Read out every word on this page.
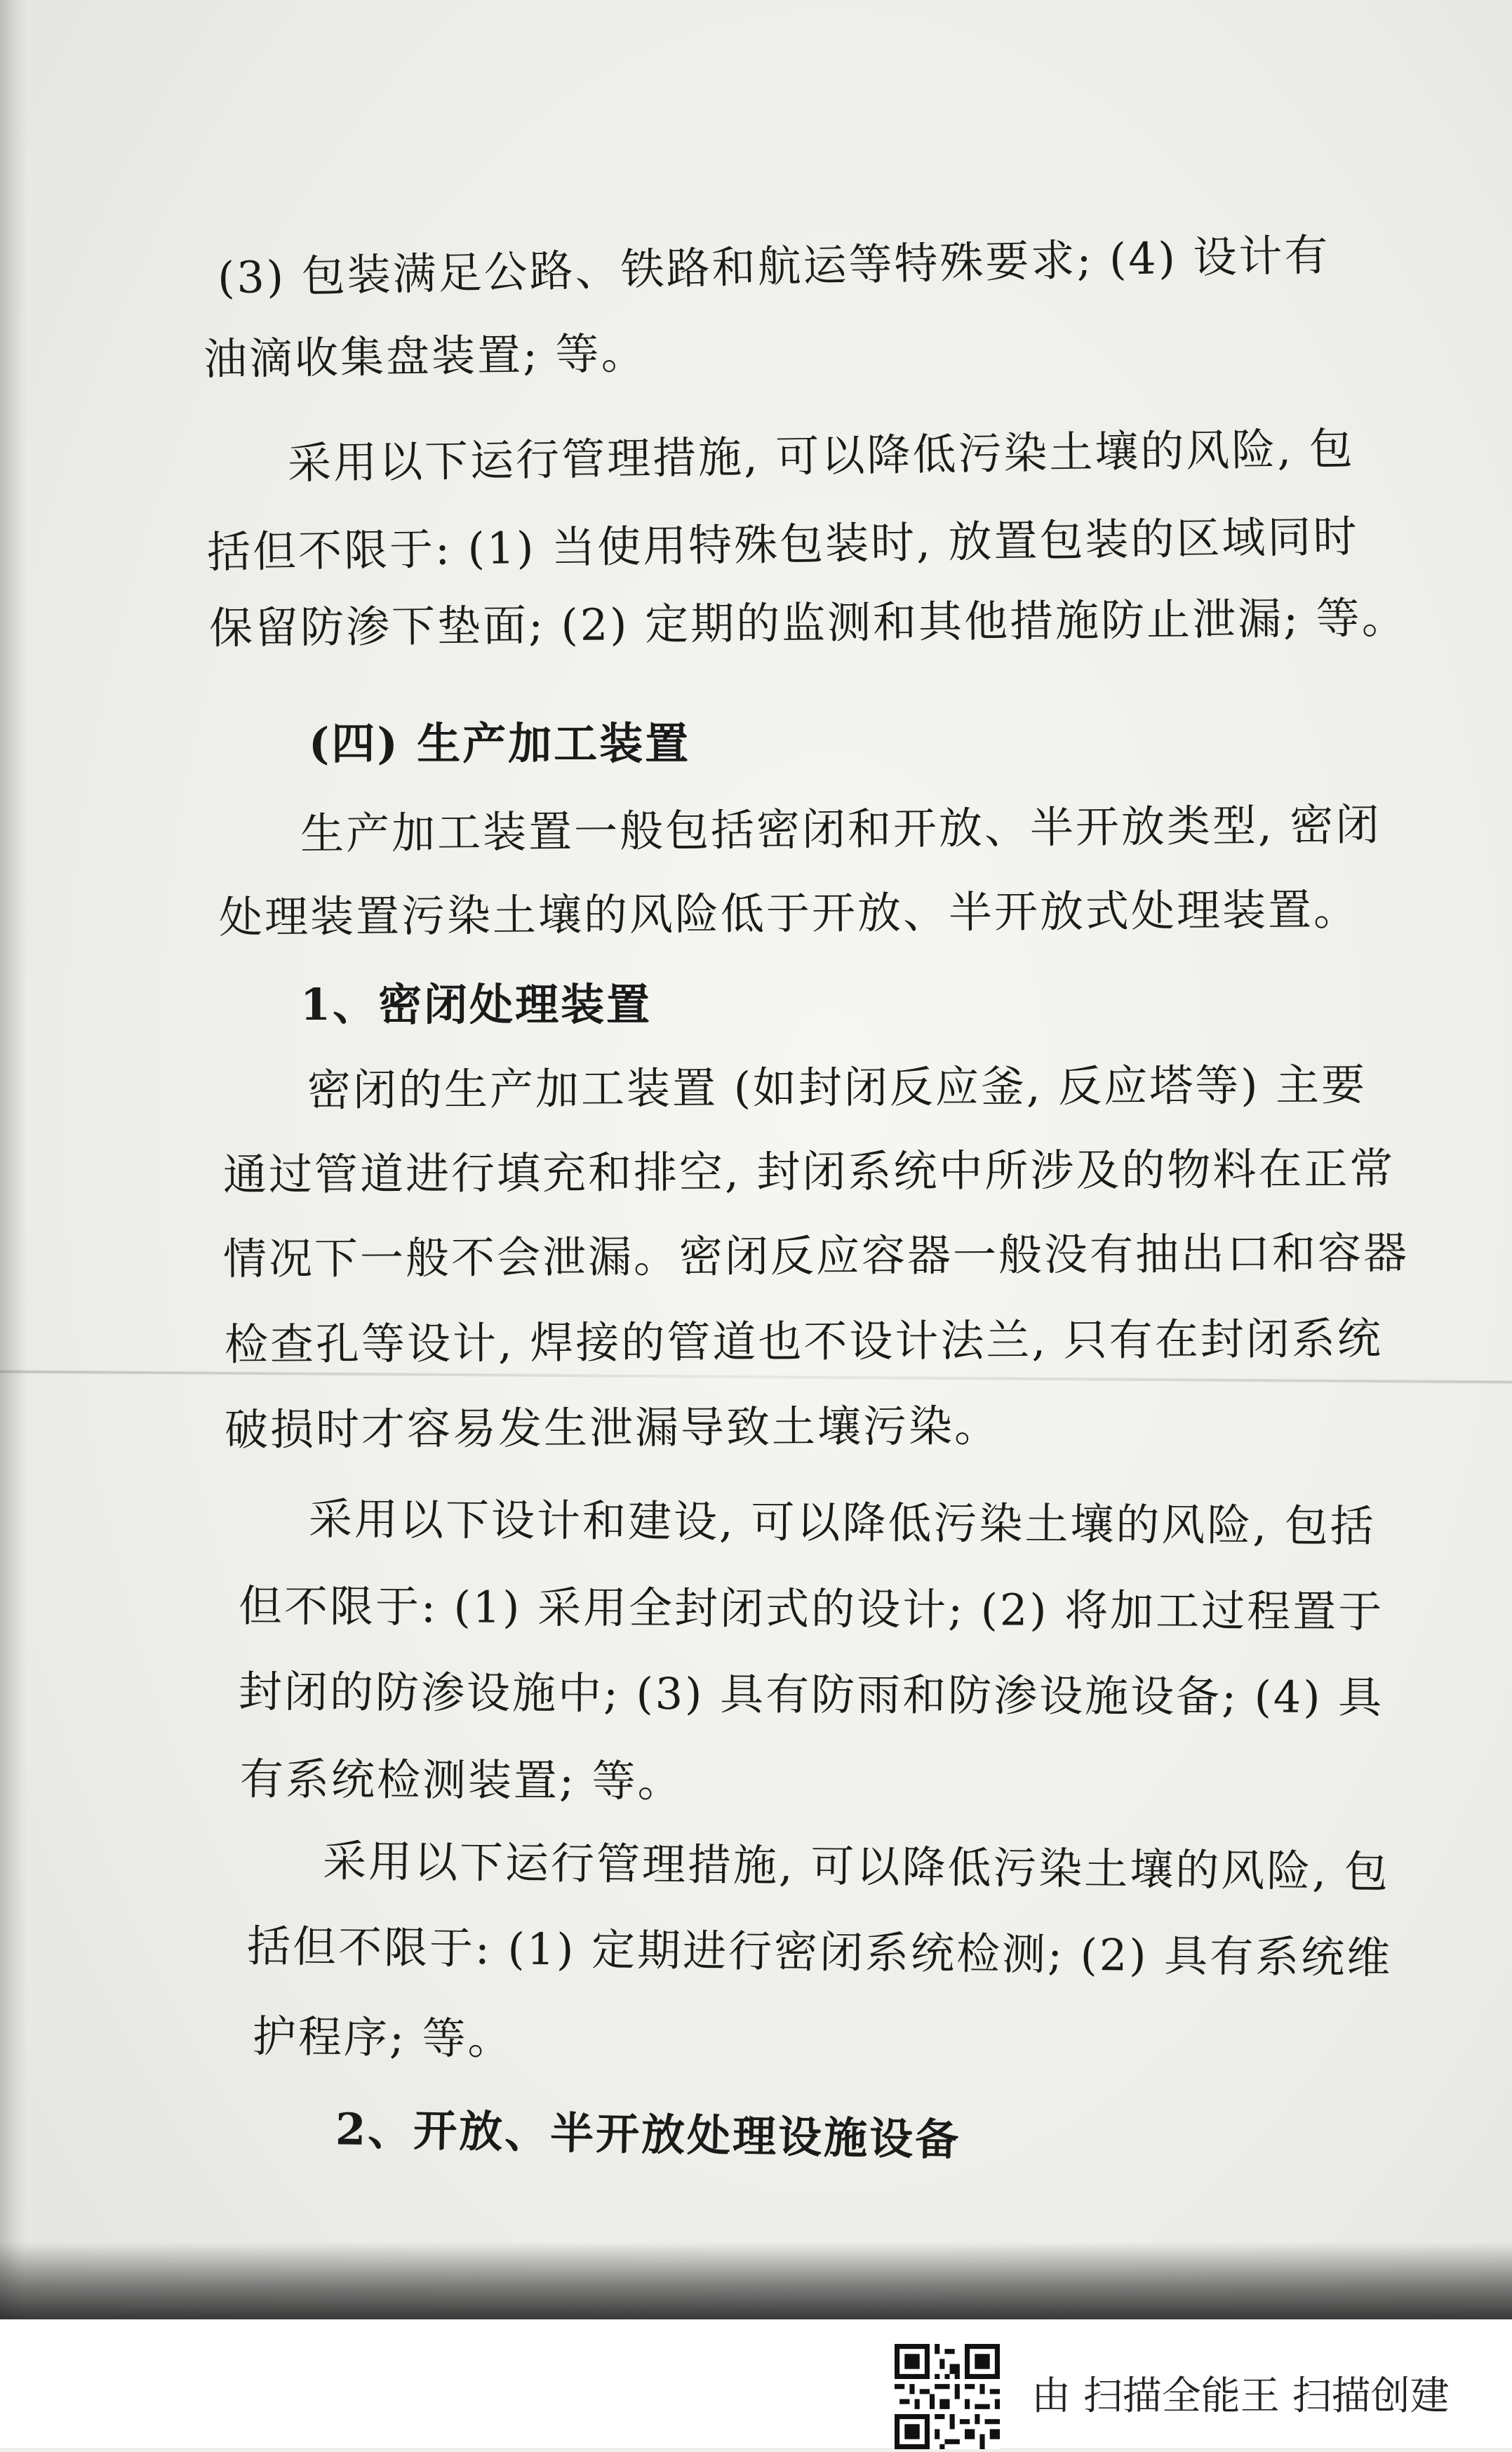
(3) 包装满足公路、铁路和航运等特殊要求; (4) 设计有
油滴收集盘装置; 等。
采用以下运行管理措施, 可以降低污染土壤的风险, 包
括但不限于: (1) 当使用特殊包装时, 放置包装的区域同时
保留防渗下垫面; (2) 定期的监测和其他措施防止泄漏; 等。
(四) 生产加工装置
生产加工装置一般包括密闭和开放、半开放类型, 密闭
处理装置污染土壤的风险低于开放、半开放式处理装置。
1、密闭处理装置
密闭的生产加工装置 (如封闭反应釜, 反应塔等) 主要
通过管道进行填充和排空, 封闭系统中所涉及的物料在正常
情况下一般不会泄漏。密闭反应容器一般没有抽出口和容器
检查孔等设计, 焊接的管道也不设计法兰, 只有在封闭系统
破损时才容易发生泄漏导致土壤污染。
采用以下设计和建设, 可以降低污染土壤的风险, 包括
但不限于: (1) 采用全封闭式的设计; (2) 将加工过程置于
封闭的防渗设施中; (3) 具有防雨和防渗设施设备; (4) 具
有系统检测装置; 等。
采用以下运行管理措施, 可以降低污染土壤的风险, 包
括但不限于: (1) 定期进行密闭系统检测; (2) 具有系统维
护程序; 等。
2、开放、半开放处理设施设备
由 扫描全能王 扫描创建
